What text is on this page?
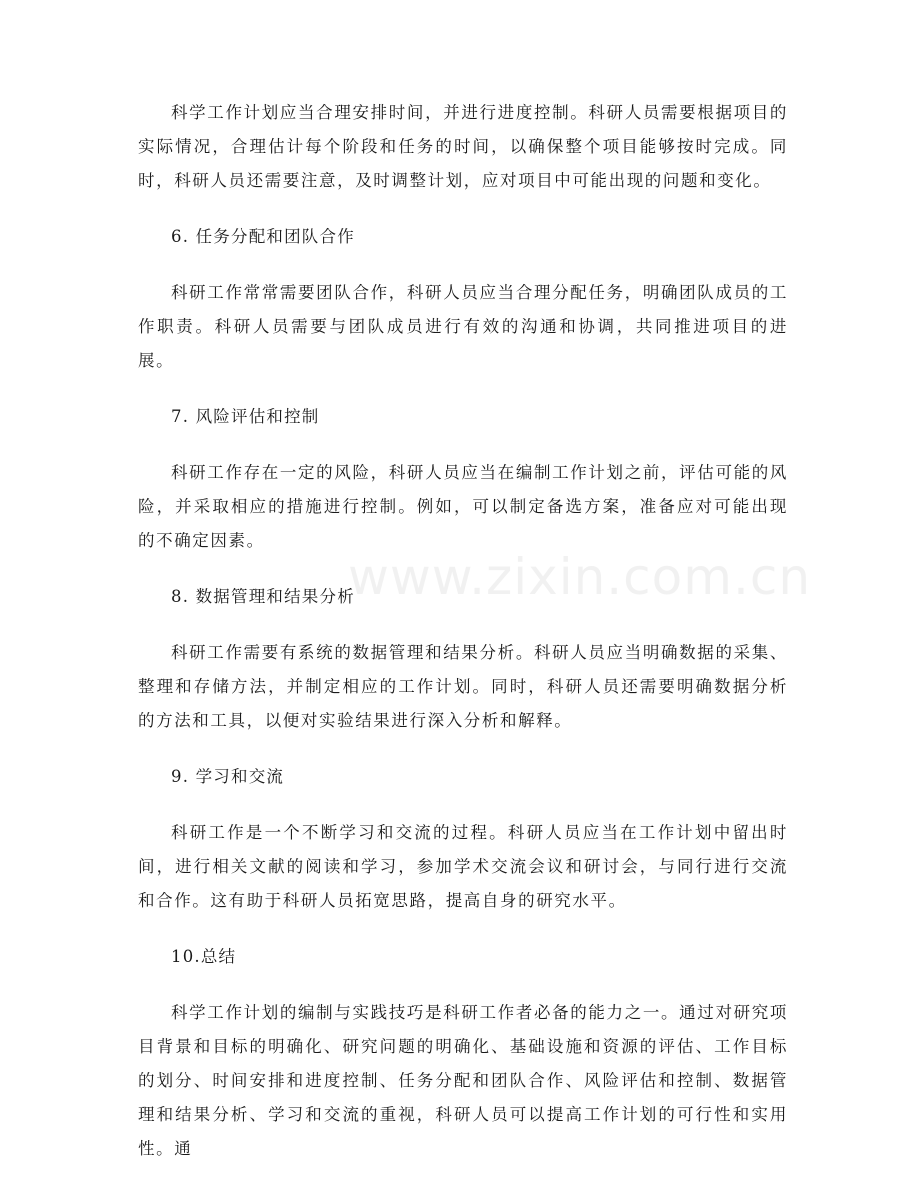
www.zixin.com.cn

科学工作计划应当合理安排时间，并进行进度控制。科研人员需要根据项目的实际情况，合理估计每个阶段和任务的时间，以确保整个项目能够按时完成。同时，科研人员还需要注意，及时调整计划，应对项目中可能出现的问题和变化。

6. 任务分配和团队合作

科研工作常常需要团队合作，科研人员应当合理分配任务，明确团队成员的工作职责。科研人员需要与团队成员进行有效的沟通和协调，共同推进项目的进展。

7. 风险评估和控制

科研工作存在一定的风险，科研人员应当在编制工作计划之前，评估可能的风险，并采取相应的措施进行控制。例如，可以制定备选方案，准备应对可能出现的不确定因素。

8. 数据管理和结果分析

科研工作需要有系统的数据管理和结果分析。科研人员应当明确数据的采集、整理和存储方法，并制定相应的工作计划。同时，科研人员还需要明确数据分析的方法和工具，以便对实验结果进行深入分析和解释。

9. 学习和交流

科研工作是一个不断学习和交流的过程。科研人员应当在工作计划中留出时间，进行相关文献的阅读和学习，参加学术交流会议和研讨会，与同行进行交流和合作。这有助于科研人员拓宽思路，提高自身的研究水平。

10.总结

科学工作计划的编制与实践技巧是科研工作者必备的能力之一。通过对研究项目背景和目标的明确化、研究问题的明确化、基础设施和资源的评估、工作目标的划分、时间安排和进度控制、任务分配和团队合作、风险评估和控制、数据管理和结果分析、学习和交流的重视，科研人员可以提高工作计划的可行性和实用性。通
